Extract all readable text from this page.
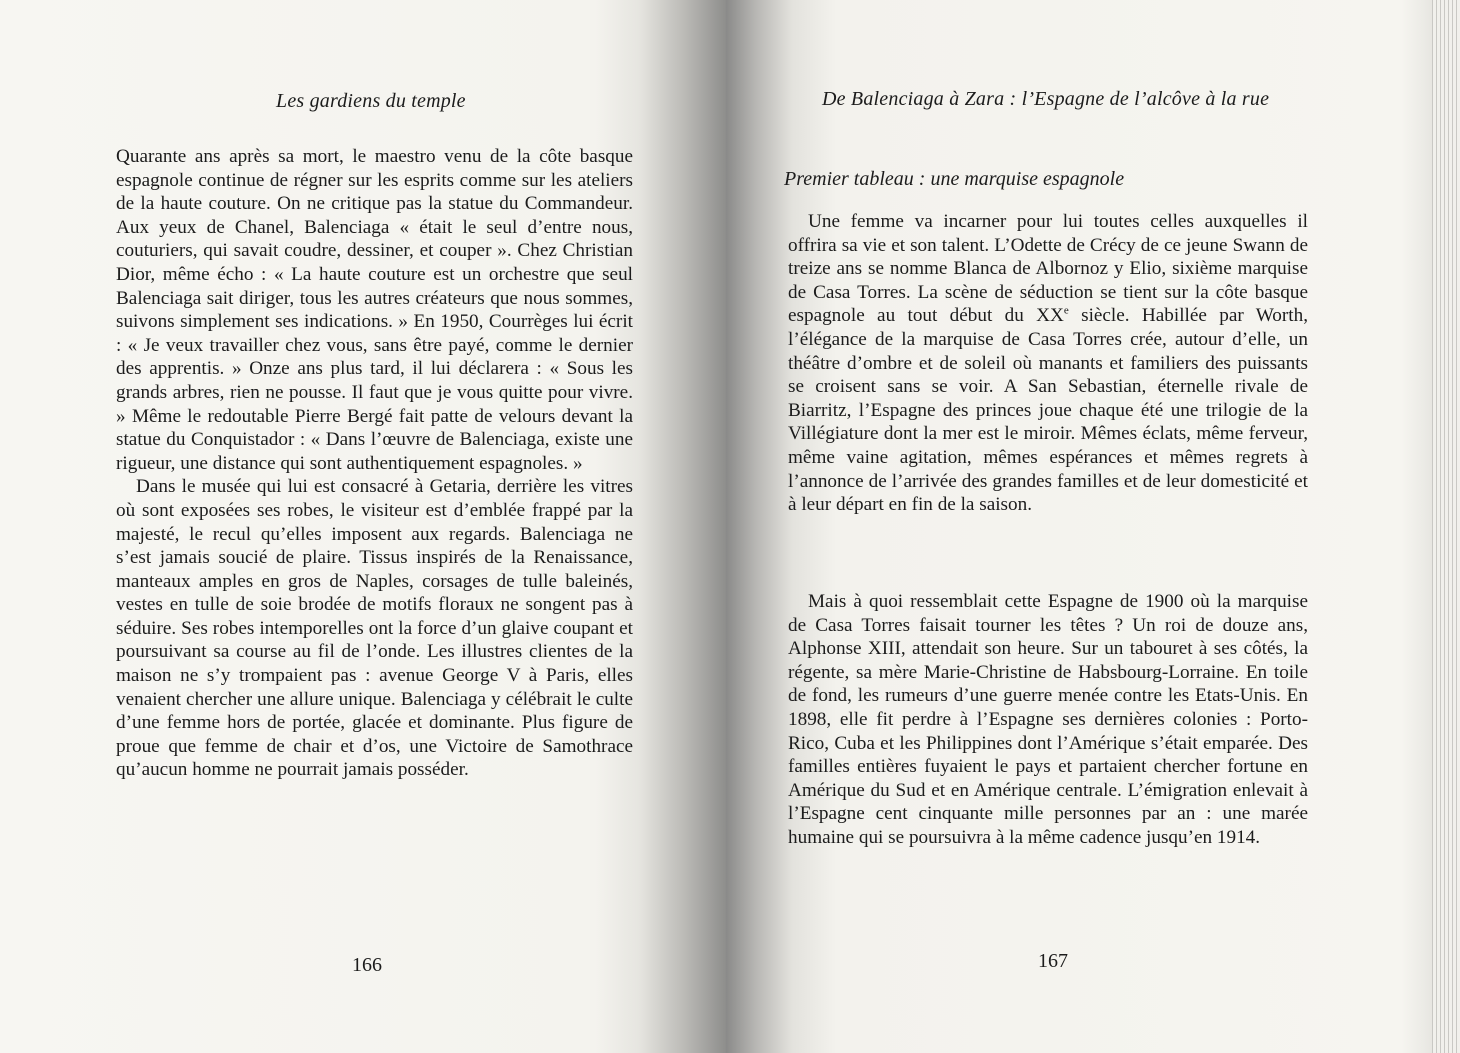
Les gardiens du temple

Quarante ans après sa mort, le maestro venu de la côte basque espagnole continue de régner sur les esprits comme sur les ateliers de la haute couture. On ne critique pas la statue du Commandeur. Aux yeux de Chanel, Balenciaga « était le seul d’entre nous, couturiers, qui savait coudre, dessiner, et couper ». Chez Christian Dior, même écho : « La haute couture est un orchestre que seul Balenciaga sait diriger, tous les autres créateurs que nous sommes, suivons simplement ses indications. » En 1950, Courrèges lui écrit : « Je veux travailler chez vous, sans être payé, comme le dernier des apprentis. » Onze ans plus tard, il lui déclarera : « Sous les grands arbres, rien ne pousse. Il faut que je vous quitte pour vivre. » Même le redoutable Pierre Bergé fait patte de velours devant la statue du Conquistador : « Dans l’œuvre de Balenciaga, existe une rigueur, une distance qui sont authentiquement espagnoles. »

Dans le musée qui lui est consacré à Getaria, derrière les vitres où sont exposées ses robes, le visiteur est d’emblée frappé par la majesté, le recul qu’elles imposent aux regards. Balenciaga ne s’est jamais soucié de plaire. Tissus inspirés de la Renaissance, manteaux amples en gros de Naples, corsages de tulle baleinés, vestes en tulle de soie brodée de motifs floraux ne songent pas à séduire. Ses robes intemporelles ont la force d’un glaive coupant et poursuivant sa course au fil de l’onde. Les illustres clientes de la maison ne s’y trompaient pas : avenue George V à Paris, elles venaient chercher une allure unique. Balenciaga y célébrait le culte d’une femme hors de portée, glacée et dominante. Plus figure de proue que femme de chair et d’os, une Victoire de Samothrace qu’aucun homme ne pourrait jamais posséder.

166
De Balenciaga à Zara : l’Espagne de l’alcôve à la rue
Premier tableau : une marquise espagnole

Une femme va incarner pour lui toutes celles auxquelles il offrira sa vie et son talent. L’Odette de Crécy de ce jeune Swann de treize ans se nomme Blanca de Albornoz y Elio, sixième marquise de Casa Torres. La scène de séduction se tient sur la côte basque espagnole au tout début du XXe siècle. Habillée par Worth, l’élégance de la marquise de Casa Torres crée, autour d’elle, un théâtre d’ombre et de soleil où manants et familiers des puissants se croisent sans se voir. A San Sebastian, éternelle rivale de Biarritz, l’Espagne des princes joue chaque été une trilogie de la Villégiature dont la mer est le miroir. Mêmes éclats, même ferveur, même vaine agitation, mêmes espérances et mêmes regrets à l’annonce de l’arrivée des grandes familles et de leur domesticité et à leur départ en fin de la saison.

Mais à quoi ressemblait cette Espagne de 1900 où la marquise de Casa Torres faisait tourner les têtes ? Un roi de douze ans, Alphonse XIII, attendait son heure. Sur un tabouret à ses côtés, la régente, sa mère Marie-Christine de Habsbourg-Lorraine. En toile de fond, les rumeurs d’une guerre menée contre les Etats-Unis. En 1898, elle fit perdre à l’Espagne ses dernières colonies : Porto-Rico, Cuba et les Philippines dont l’Amérique s’était emparée. Des familles entières fuyaient le pays et partaient chercher fortune en Amérique du Sud et en Amérique centrale. L’émigration enlevait à l’Espagne cent cinquante mille personnes par an : une marée humaine qui se poursuivra à la même cadence jusqu’en 1914.

167
